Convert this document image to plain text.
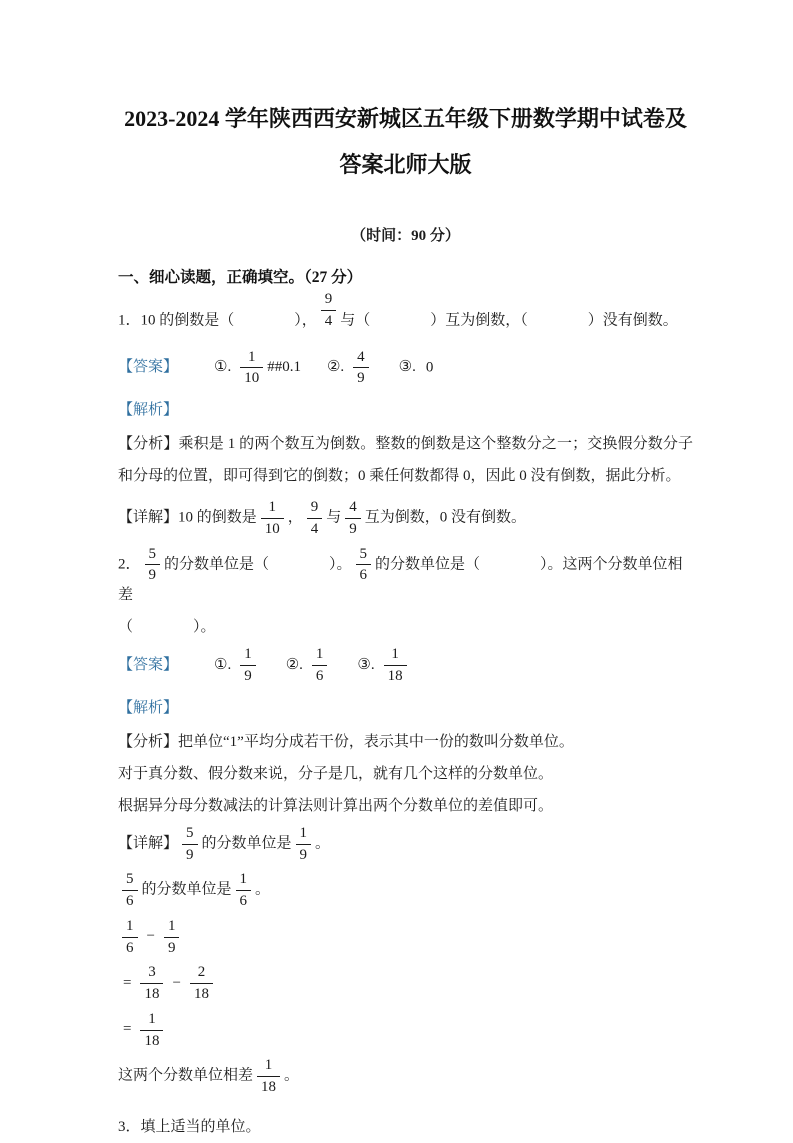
2023-2024 学年陕西西安新城区五年级下册数学期中试卷及
答案北师大版

（时间：90 分）

一、细心读题，正确填空。（27 分）

1．10 的倒数是（　　　　）， $\frac{9}{4}$ 与（　　　　）互为倒数，（　　　　）没有倒数。

【答案】 ①. $\frac{1}{10}$ ##0.1 ②. $\frac{4}{9}$ ③. 0

【解析】

【分析】乘积是 1 的两个数互为倒数。整数的倒数是这个整数分之一；交换假分数分子和分母的位置，即可得到它的倒数；0 乘任何数都得 0，因此 0 没有倒数，据此分析。

【详解】10 的倒数是 $\frac{1}{10}$ ， $\frac{9}{4}$ 与 $\frac{4}{9}$ 互为倒数，0 没有倒数。

2． $\frac{5}{9}$ 的分数单位是（　　　　）。 $\frac{5}{6}$ 的分数单位是（　　　　）。这两个分数单位相差

（　　　　）。

【答案】 ①. $\frac{1}{9}$ ②. $\frac{1}{6}$ ③. $\frac{1}{18}$

【解析】

【分析】把单位“1”平均分成若干份，表示其中一份的数叫分数单位。

对于真分数、假分数来说，分子是几，就有几个这样的分数单位。

根据异分母分数减法的计算法则计算出两个分数单位的差值即可。

【详解】 $\frac{5}{9}$ 的分数单位是 $\frac{1}{9}$ 。

$\frac{5}{6}$ 的分数单位是 $\frac{1}{6}$ 。

$\frac{1}{6} - \frac{1}{9}$

= $\frac{3}{18} - \frac{2}{18}$

= $\frac{1}{18}$

这两个分数单位相差 $\frac{1}{18}$ 。

3．填上适当的单位。
